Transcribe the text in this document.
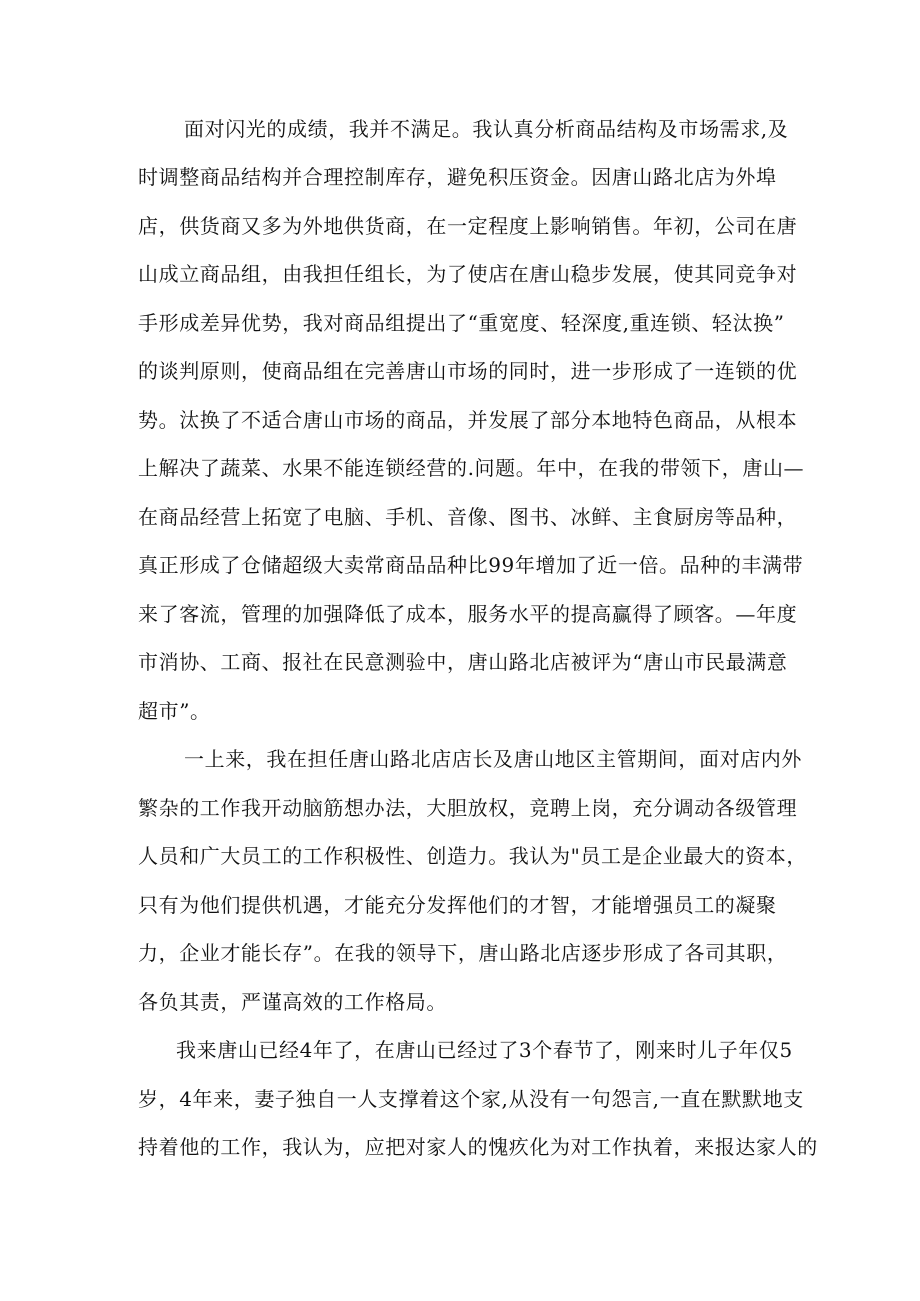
面对闪光的成绩，我并不满足。我认真分析商品结构及市场需求,及
时调整商品结构并合理控制库存，避免积压资金。因唐山路北店为外埠
店，供货商又多为外地供货商，在一定程度上影响销售。年初，公司在唐
山成立商品组，由我担任组长，为了使店在唐山稳步发展，使其同竞争对
手形成差异优势，我对商品组提出了“重宽度、轻深度,重连锁、轻汰换”
的谈判原则，使商品组在完善唐山市场的同时，进一步形成了一连锁的优
势。汰换了不适合唐山市场的商品，并发展了部分本地特色商品，从根本
上解决了蔬菜、水果不能连锁经营的.问题。年中，在我的带领下，唐山—
在商品经营上拓宽了电脑、手机、音像、图书、冰鲜、主食厨房等品种，
真正形成了仓储超级大卖常商品品种比99年增加了近一倍。品种的丰满带
来了客流，管理的加强降低了成本，服务水平的提高赢得了顾客。—年度
市消协、工商、报社在民意测验中，唐山路北店被评为“唐山市民最满意
超市”。
一上来，我在担任唐山路北店店长及唐山地区主管期间，面对店内外
繁杂的工作我开动脑筋想办法，大胆放权，竞聘上岗，充分调动各级管理
人员和广大员工的工作积极性、创造力。我认为"员工是企业最大的资本，
只有为他们提供机遇，才能充分发挥他们的才智，才能增强员工的凝聚
力，企业才能长存”。在我的领导下，唐山路北店逐步形成了各司其职，
各负其责，严谨高效的工作格局。
我来唐山已经4年了，在唐山已经过了3个春节了，刚来时儿子年仅5
岁，4年来，妻子独自一人支撑着这个家,从没有一句怨言,一直在默默地支
持着他的工作，我认为，应把对家人的愧疚化为对工作执着，来报达家人的
